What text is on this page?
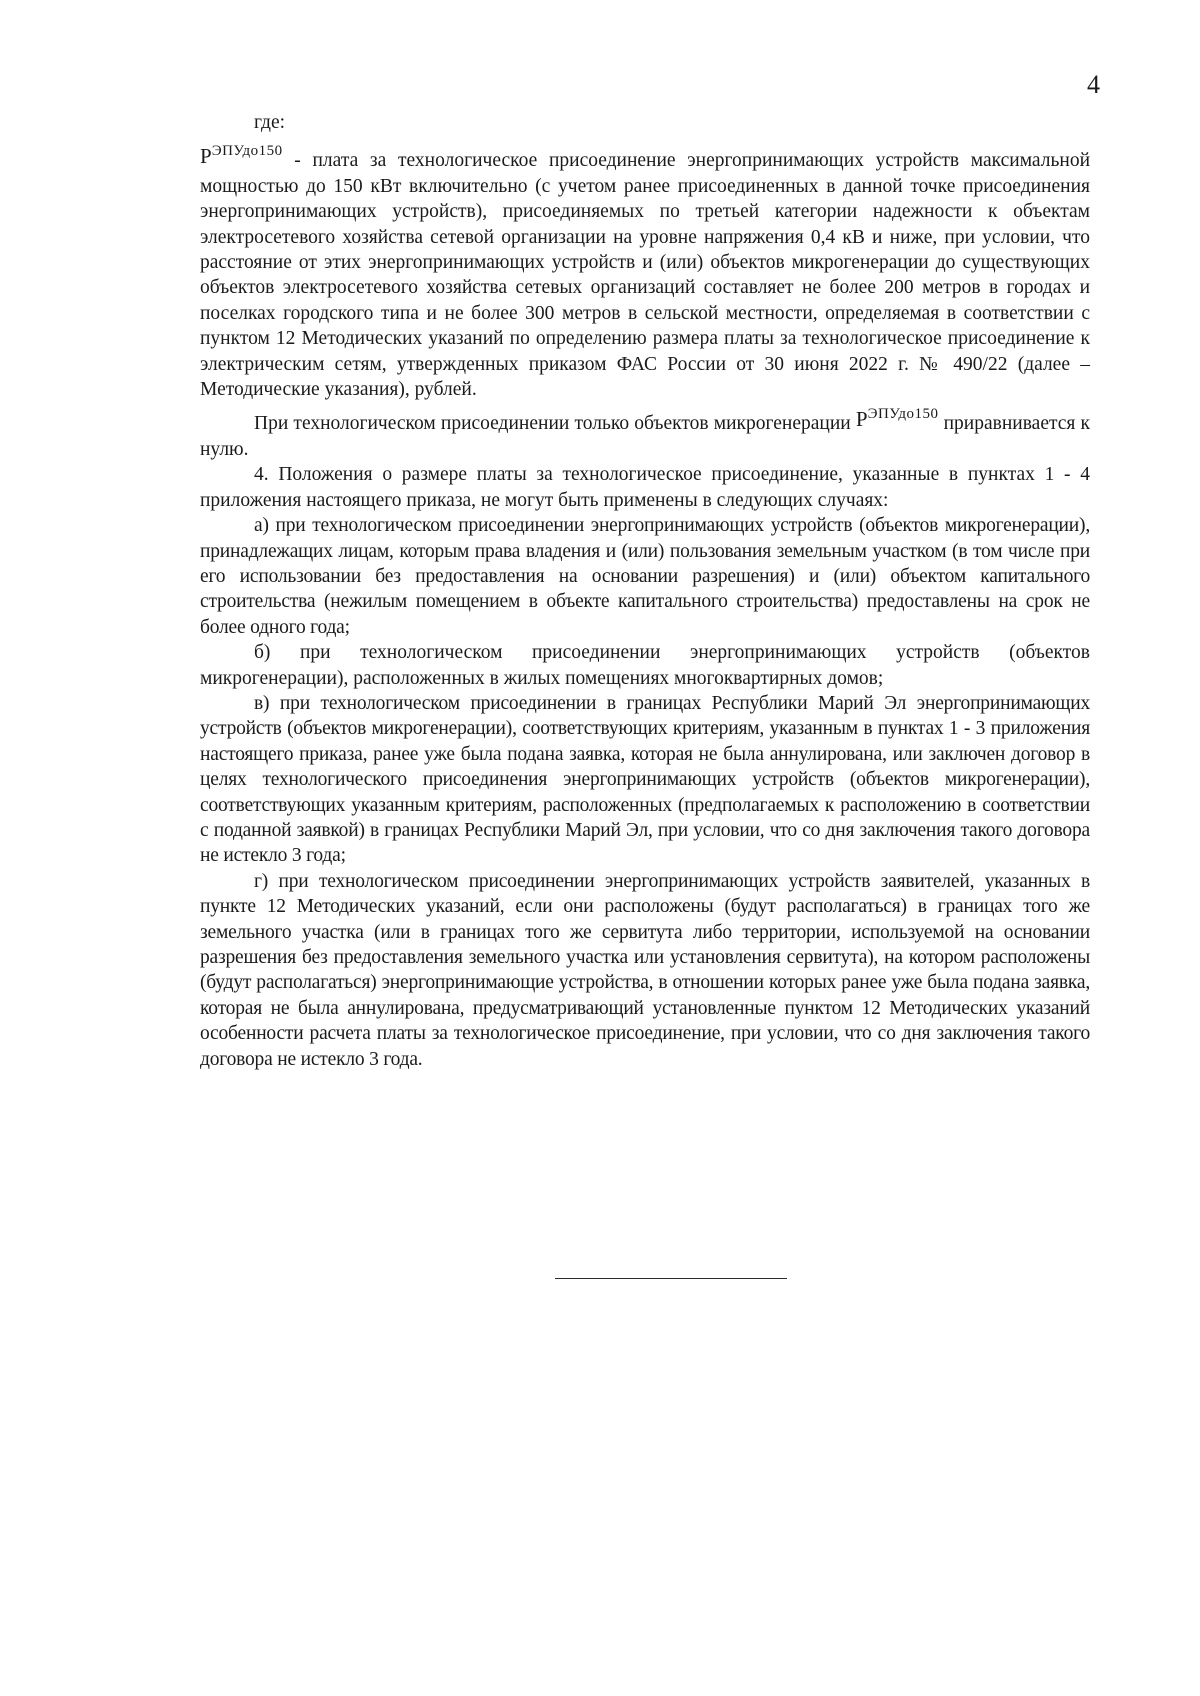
4

где:

$Р^{ЭПУдо150}$ - плата за технологическое присоединение энергопринимающих устройств максимальной мощностью до 150 кВт включительно (с учетом ранее присоединенных в данной точке присоединения энергопринимающих устройств), присоединяемых по третьей категории надежности к объектам электросетевого хозяйства сетевой организации на уровне напряжения 0,4 кВ и ниже, при условии, что расстояние от этих энергопринимающих устройств и (или) объектов микрогенерации до существующих объектов электросетевого хозяйства сетевых организаций составляет не более 200 метров в городах и поселках городского типа и не более 300 метров в сельской местности, определяемая в соответствии с пунктом 12 Методических указаний по определению размера платы за технологическое присоединение к электрическим сетям, утвержденных приказом ФАС России от 30 июня 2022 г. № 490/22 (далее – Методические указания), рублей.

При технологическом присоединении только объектов микрогенерации $Р^{ЭПУдо150}$ приравнивается к нулю.

4. Положения о размере платы за технологическое присоединение, указанные в пунктах 1 - 4 приложения настоящего приказа, не могут быть применены в следующих случаях:

а) при технологическом присоединении энергопринимающих устройств (объектов микрогенерации), принадлежащих лицам, которым права владения и (или) пользования земельным участком (в том числе при его использовании без предоставления на основании разрешения) и (или) объектом капитального строительства (нежилым помещением в объекте капитального строительства) предоставлены на срок не более одного года;

б) при технологическом присоединении энергопринимающих устройств (объектов микрогенерации), расположенных в жилых помещениях многоквартирных домов;

в) при технологическом присоединении в границах Республики Марий Эл энергопринимающих устройств (объектов микрогенерации), соответствующих критериям, указанным в пунктах 1 - 3 приложения настоящего приказа, ранее уже была подана заявка, которая не была аннулирована, или заключен договор в целях технологического присоединения энергопринимающих устройств (объектов микрогенерации), соответствующих указанным критериям, расположенных (предполагаемых к расположению в соответствии с поданной заявкой) в границах Республики Марий Эл, при условии, что со дня заключения такого договора не истекло 3 года;

г) при технологическом присоединении энергопринимающих устройств заявителей, указанных в пункте 12 Методических указаний, если они расположены (будут располагаться) в границах того же земельного участка (или в границах того же сервитута либо территории, используемой на основании разрешения без предоставления земельного участка или установления сервитута), на котором расположены (будут располагаться) энергопринимающие устройства, в отношении которых ранее уже была подана заявка, которая не была аннулирована, предусматривающий установленные пунктом 12 Методических указаний особенности расчета платы за технологическое присоединение, при условии, что со дня заключения такого договора не истекло 3 года.
